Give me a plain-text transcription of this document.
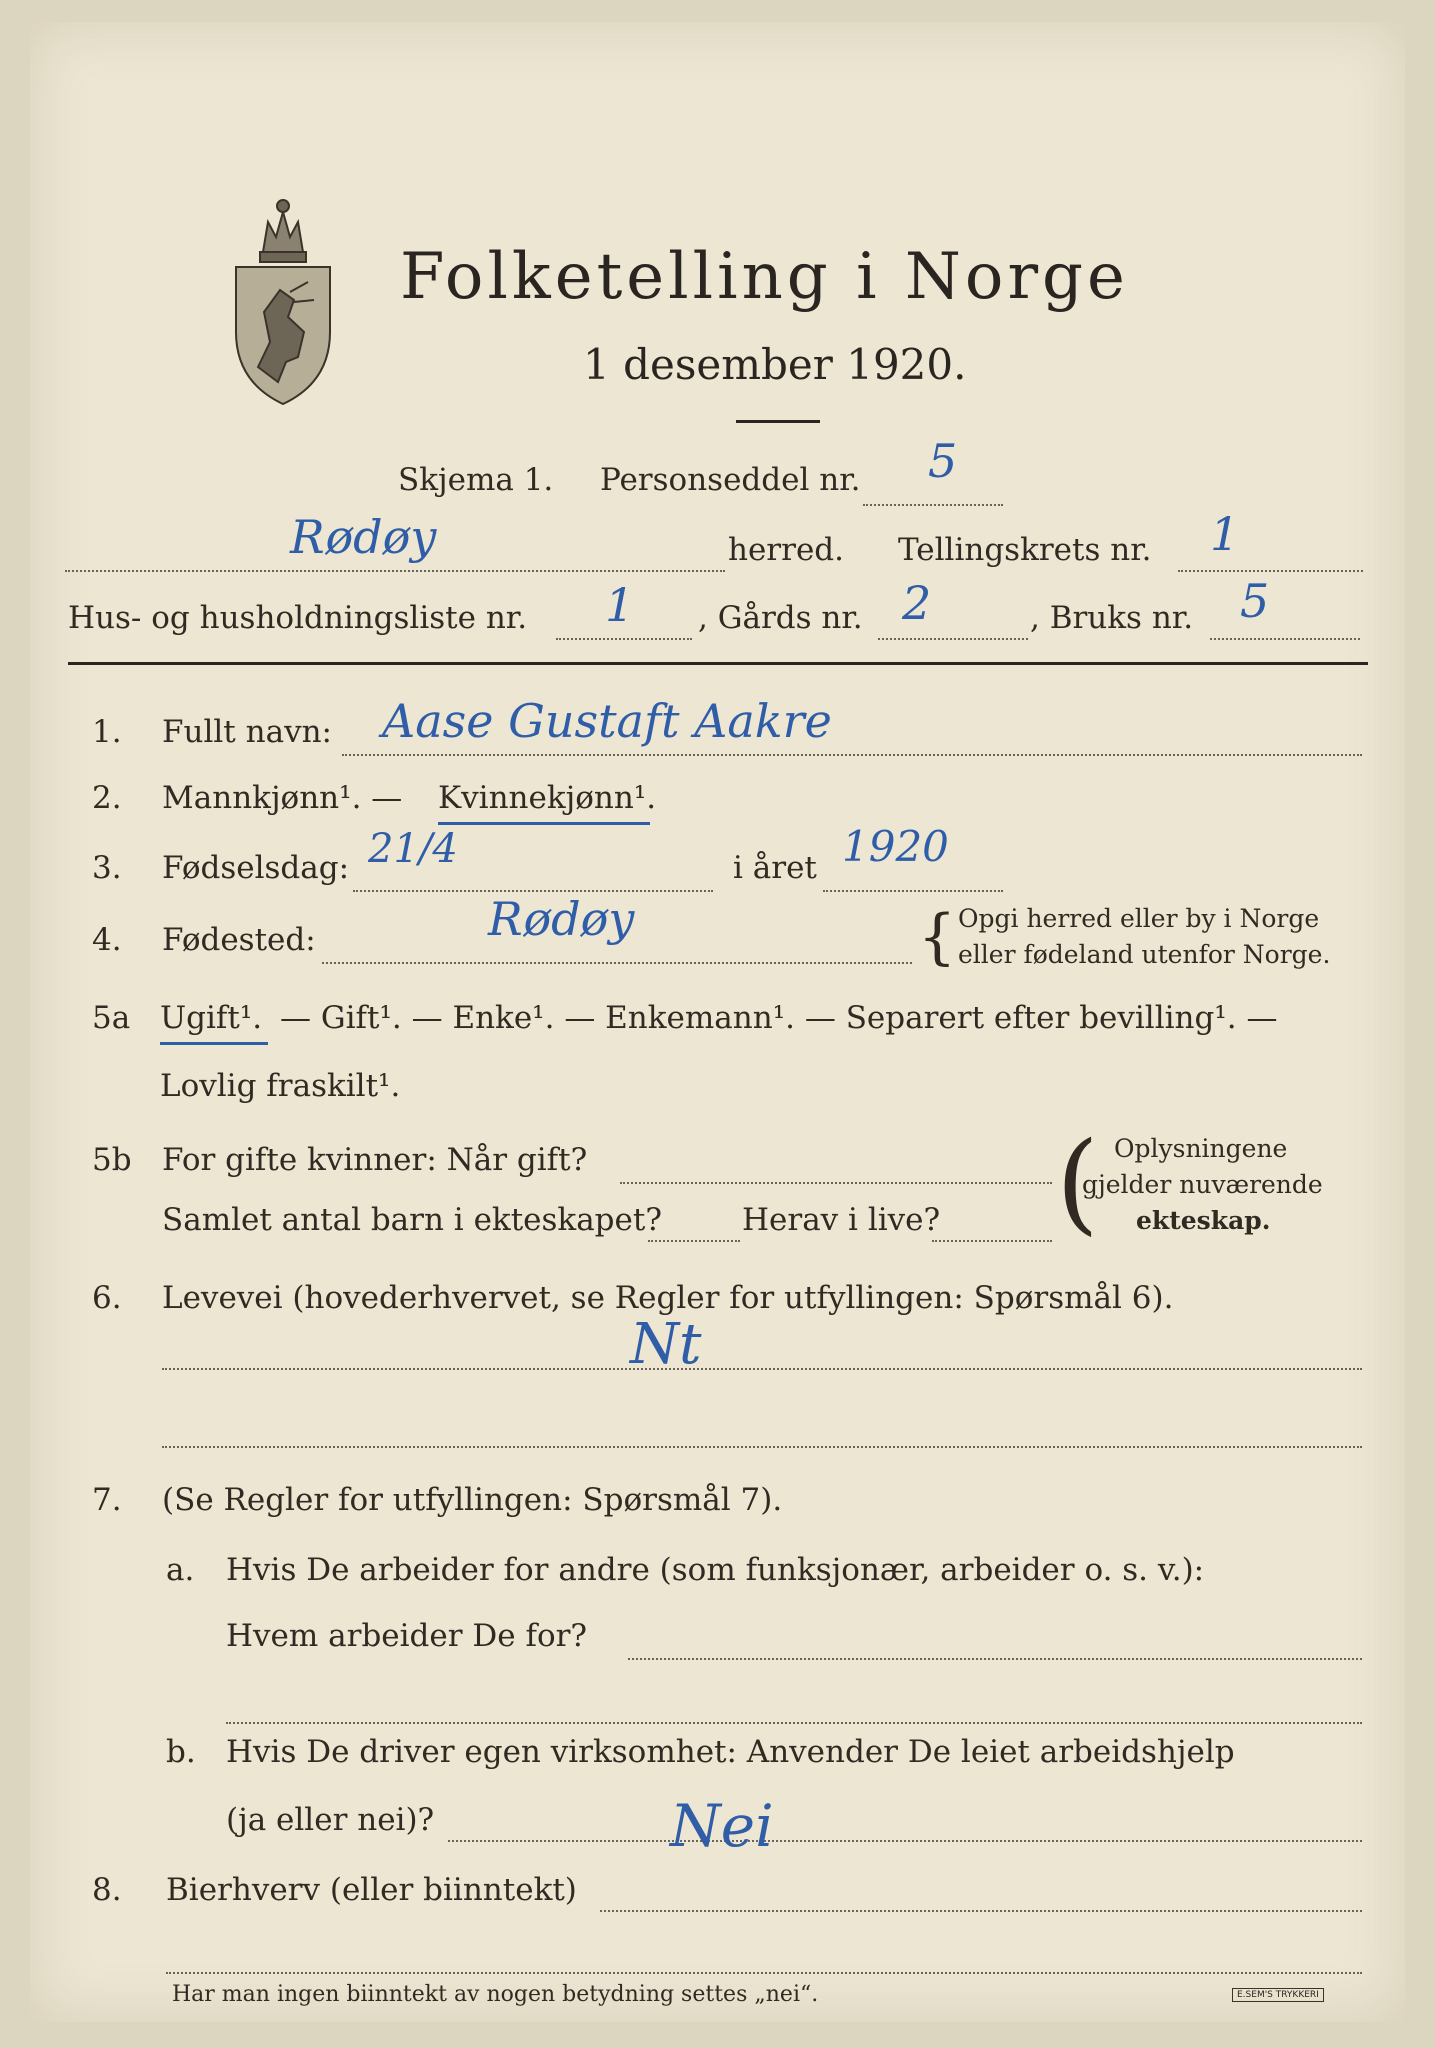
Folketelling i Norge
1 desember 1920.
Skjema 1. Personseddel nr. 5
Rødøy	herred. Tellingskrets nr. 1
Hus- og husholdningsliste nr. 1 , Gårds nr. 2	, Bruks nr. 5
1. Fullt navn: Aase Gustaft Aakre
2. Mannkjønn¹. — Kvinnekjønn¹.
3. Fødselsdag: 21/4	i året 1920
4. Fødested:	Rødøy	{ Opgi herred eller by i Norge
eller fødeland utenfor Norge.
5a Ugift¹. — Gift¹. — Enke¹. — Enkemann¹. — Separert efter bevilling¹. —
Lovlig fraskilt¹.
5b For gifte kvinner: Når gift?
Samlet antal barn i ekteskapet?	Herav i live? ( Oplysningene
gjelder nuværende
ekteskap.
6. Levevei (hovederhvervet, se Regler for utfyllingen: Spørsmål 6).
Nt
7. (Se Regler for utfyllingen: Spørsmål 7).
a. Hvis De arbeider for andre (som funksjonær, arbeider o. s. v.):
Hvem arbeider De for?
b. Hvis De driver egen virksomhet: Anvender De leiet arbeidshjelp
(ja eller nei)?	Nei
8. Bierhverv (eller biinntekt)
Har man ingen biinntekt av nogen betydning settes „nei“.	E.SEM'S TRYKKERI
